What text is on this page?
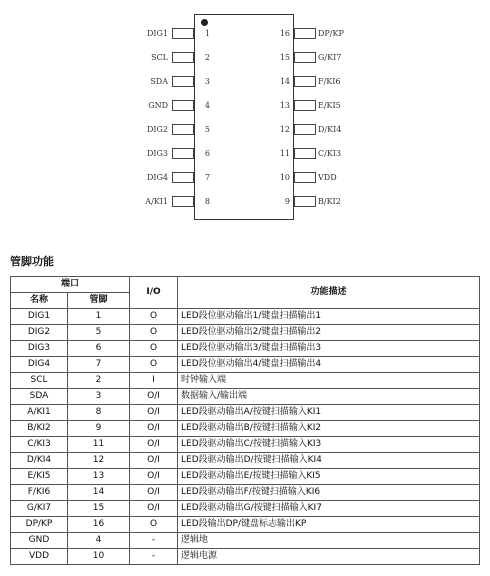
DIG1	1
SCL	2
SDA	3
GND	4
DIG2	5
DIG3	6
DIG4	7
A/KI1	8
DP/KP
16
G/KI7
15
F/KI6
14
E/KI5
13
D/KI4
12
C/KI3
11
VDD
10
B/KI2
9
管脚功能
端口		I/O	功能描述
名称	管脚		
DIG1	1	O	LED段位驱动输出1/键盘扫描输出1
DIG2	5	O	LED段位驱动输出2/键盘扫描输出2
DIG3	6	O	LED段位驱动输出3/键盘扫描输出3
DIG4	7	O	LED段位驱动输出4/键盘扫描输出4
SCL	2	I	时钟输入端
SDA	3	O/I	数据输入/输出端
A/KI1	8	O/I	LED段驱动输出A/按键扫描输入KI1
B/KI2	9	O/I	LED段驱动输出B/按键扫描输入KI2
C/KI3	11	O/I	LED段驱动输出C/按键扫描输入KI3
D/KI4	12	O/I	LED段驱动输出D/按键扫描输入KI4
E/KI5	13	O/I	LED段驱动输出E/按键扫描输入KI5
F/KI6	14	O/I	LED段驱动输出F/按键扫描输入KI6
G/KI7	15	O/I	LED段驱动输出G/按键扫描输入KI7
DP/KP	16	O	LED段输出DP/键盘标志输出KP
GND	4	-	逻辑地
VDD	10	-	逻辑电源
